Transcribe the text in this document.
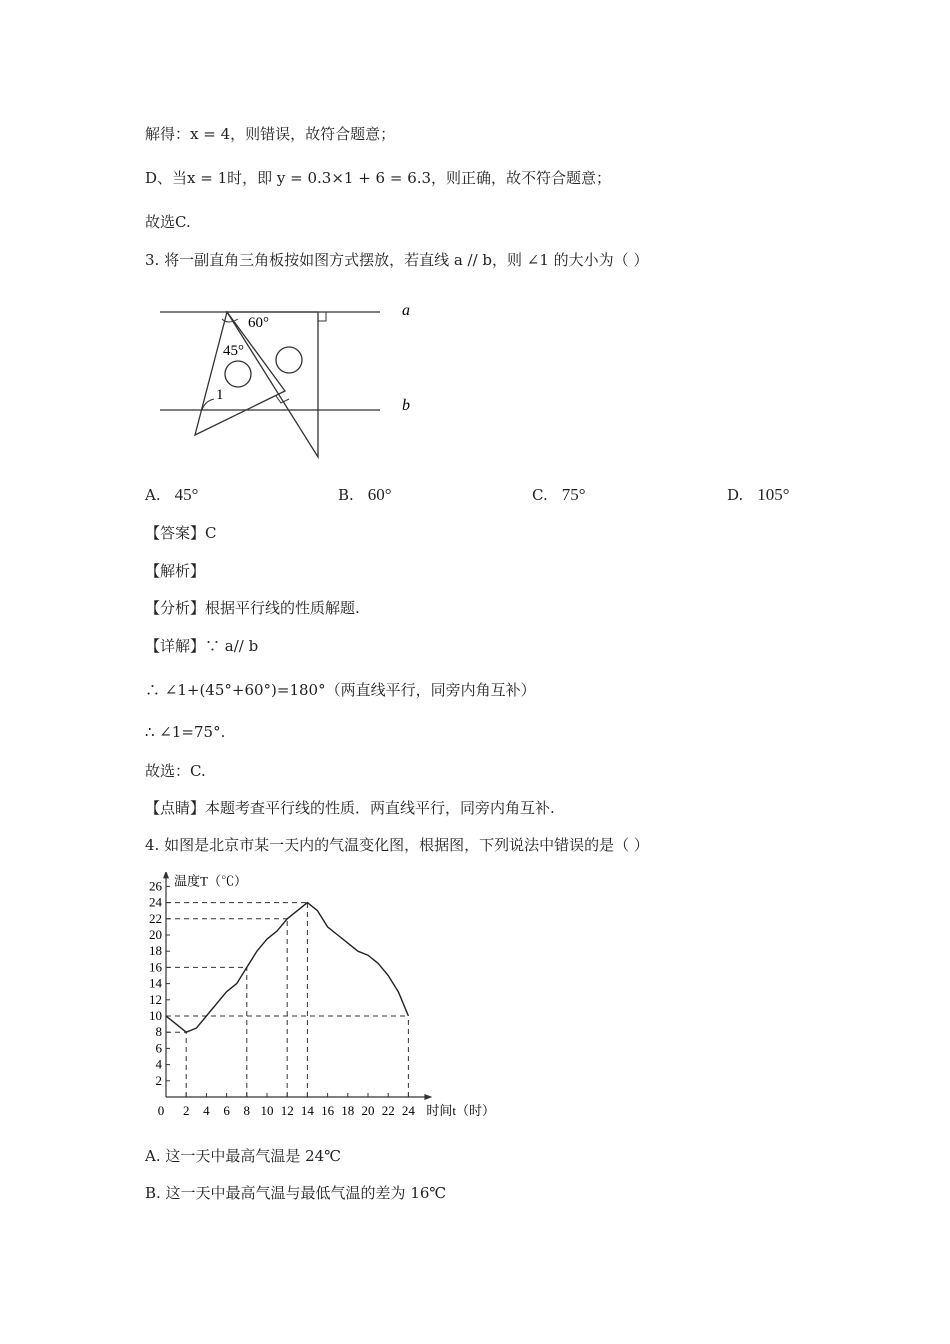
解得：x = 4，则错误，故符合题意；
D、当x = 1时，即 y = 0.3×1 + 6 = 6.3，则正确，故不符合题意；
故选C.
3. 将一副直角三角板按如图方式摆放，若直线 a // b，则 ∠1 的大小为（ ）
60°
45°
1
a
b
A. 45°	B. 60°	C. 75°	D. 105°
【答案】C
【解析】
【分析】根据平行线的性质解题.
【详解】∵ a// b
∴ ∠1+(45°+60°)=180°（两直线平行，同旁内角互补）
∴ ∠1=75°.
故选：C.
【点睛】本题考查平行线的性质．两直线平行，同旁内角互补.
4. 如图是北京市某一天内的气温变化图，根据图，下列说法中错误的是（ ）
2
4
6
8
10
12
14
16
18
20
22
24
26
0 2 4 6 8 10 12 14 16 18 20 22 24
温度T（℃）
时间t（时）
A. 这一天中最高气温是 24℃
B. 这一天中最高气温与最低气温的差为 16℃
